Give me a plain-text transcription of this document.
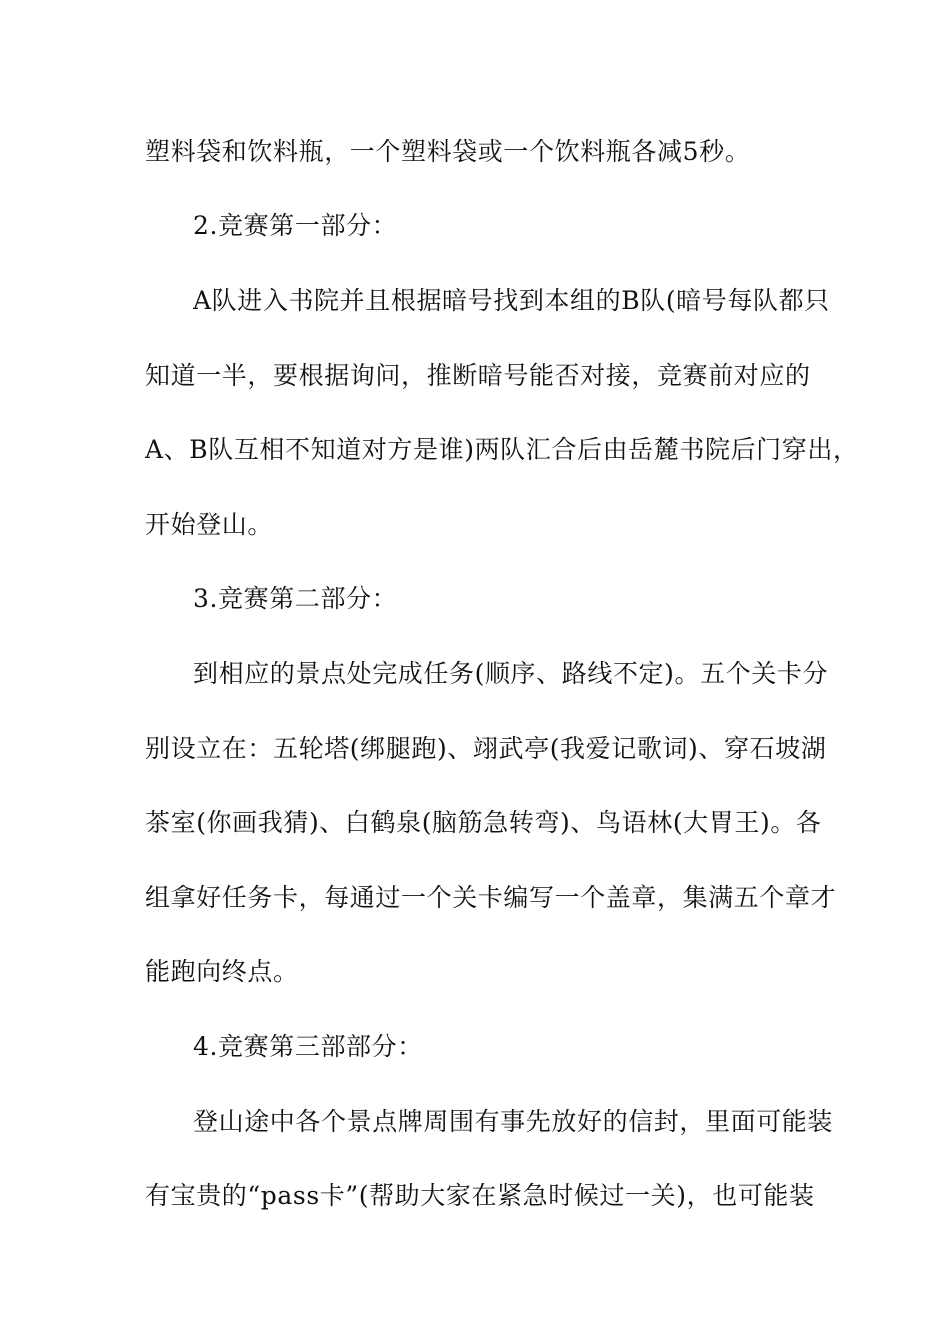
塑料袋和饮料瓶，一个塑料袋或一个饮料瓶各减5秒。
2.竞赛第一部分：
A队进入书院并且根据暗号找到本组的B队(暗号每队都只
知道一半，要根据询问，推断暗号能否对接，竞赛前对应的
A、B队互相不知道对方是谁)两队汇合后由岳麓书院后门穿出，
开始登山。
3.竞赛第二部分：
到相应的景点处完成任务(顺序、路线不定)。五个关卡分
别设立在：五轮塔(绑腿跑)、翊武亭(我爱记歌词)、穿石坡湖
茶室(你画我猜)、白鹤泉(脑筋急转弯)、鸟语林(大胃王)。各
组拿好任务卡，每通过一个关卡编写一个盖章，集满五个章才
能跑向终点。
4.竞赛第三部部分：
登山途中各个景点牌周围有事先放好的信封，里面可能装
有宝贵的“pass卡”(帮助大家在紧急时候过一关)，也可能装
